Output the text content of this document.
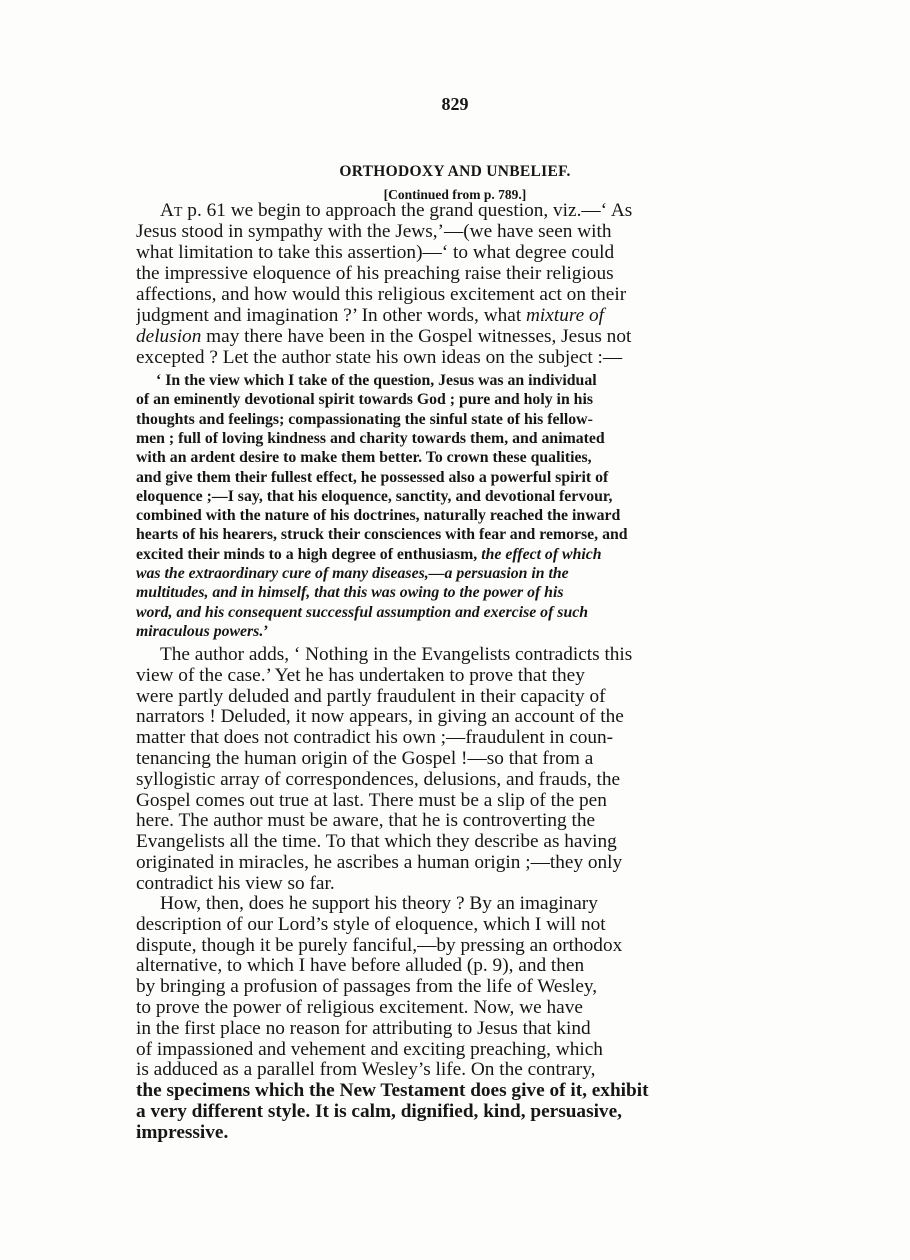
829
ORTHODOXY AND UNBELIEF.
[Continued from p. 789.]
At p. 61 we begin to approach the grand question, viz.—‘ As
Jesus stood in sympathy with the Jews,’—(we have seen with
what limitation to take this assertion)—‘ to what degree could
the impressive eloquence of his preaching raise their religious
affections, and how would this religious excitement act on their
judgment and imagination ?’ In other words, what mixture of
delusion may there have been in the Gospel witnesses, Jesus not
excepted ? Let the author state his own ideas on the subject :—
‘ In the view which I take of the question, Jesus was an individual
of an eminently devotional spirit towards God ; pure and holy in his
thoughts and feelings; compassionating the sinful state of his fellow-
men ; full of loving kindness and charity towards them, and animated
with an ardent desire to make them better. To crown these qualities,
and give them their fullest effect, he possessed also a powerful spirit of
eloquence ;—I say, that his eloquence, sanctity, and devotional fervour,
combined with the nature of his doctrines, naturally reached the inward
hearts of his hearers, struck their consciences with fear and remorse, and
excited their minds to a high degree of enthusiasm, the effect of which
was the extraordinary cure of many diseases,—a persuasion in the
multitudes, and in himself, that this was owing to the power of his
word, and his consequent successful assumption and exercise of such
miraculous powers.’
The author adds, ‘ Nothing in the Evangelists contradicts this
view of the case.’ Yet he has undertaken to prove that they
were partly deluded and partly fraudulent in their capacity of
narrators ! Deluded, it now appears, in giving an account of the
matter that does not contradict his own ;—fraudulent in coun-
tenancing the human origin of the Gospel !—so that from a
syllogistic array of correspondences, delusions, and frauds, the
Gospel comes out true at last. There must be a slip of the pen
here. The author must be aware, that he is controverting the
Evangelists all the time. To that which they describe as having
originated in miracles, he ascribes a human origin ;—they only
contradict his view so far.
How, then, does he support his theory ? By an imaginary
description of our Lord’s style of eloquence, which I will not
dispute, though it be purely fanciful,—by pressing an orthodox
alternative, to which I have before alluded (p. 9), and then
by bringing a profusion of passages from the life of Wesley,
to prove the power of religious excitement. Now, we have
in the first place no reason for attributing to Jesus that kind
of impassioned and vehement and exciting preaching, which
is adduced as a parallel from Wesley’s life. On the contrary,
the specimens which the New Testament does give of it, exhibit
a very different style. It is calm, dignified, kind, persuasive,
impressive.
